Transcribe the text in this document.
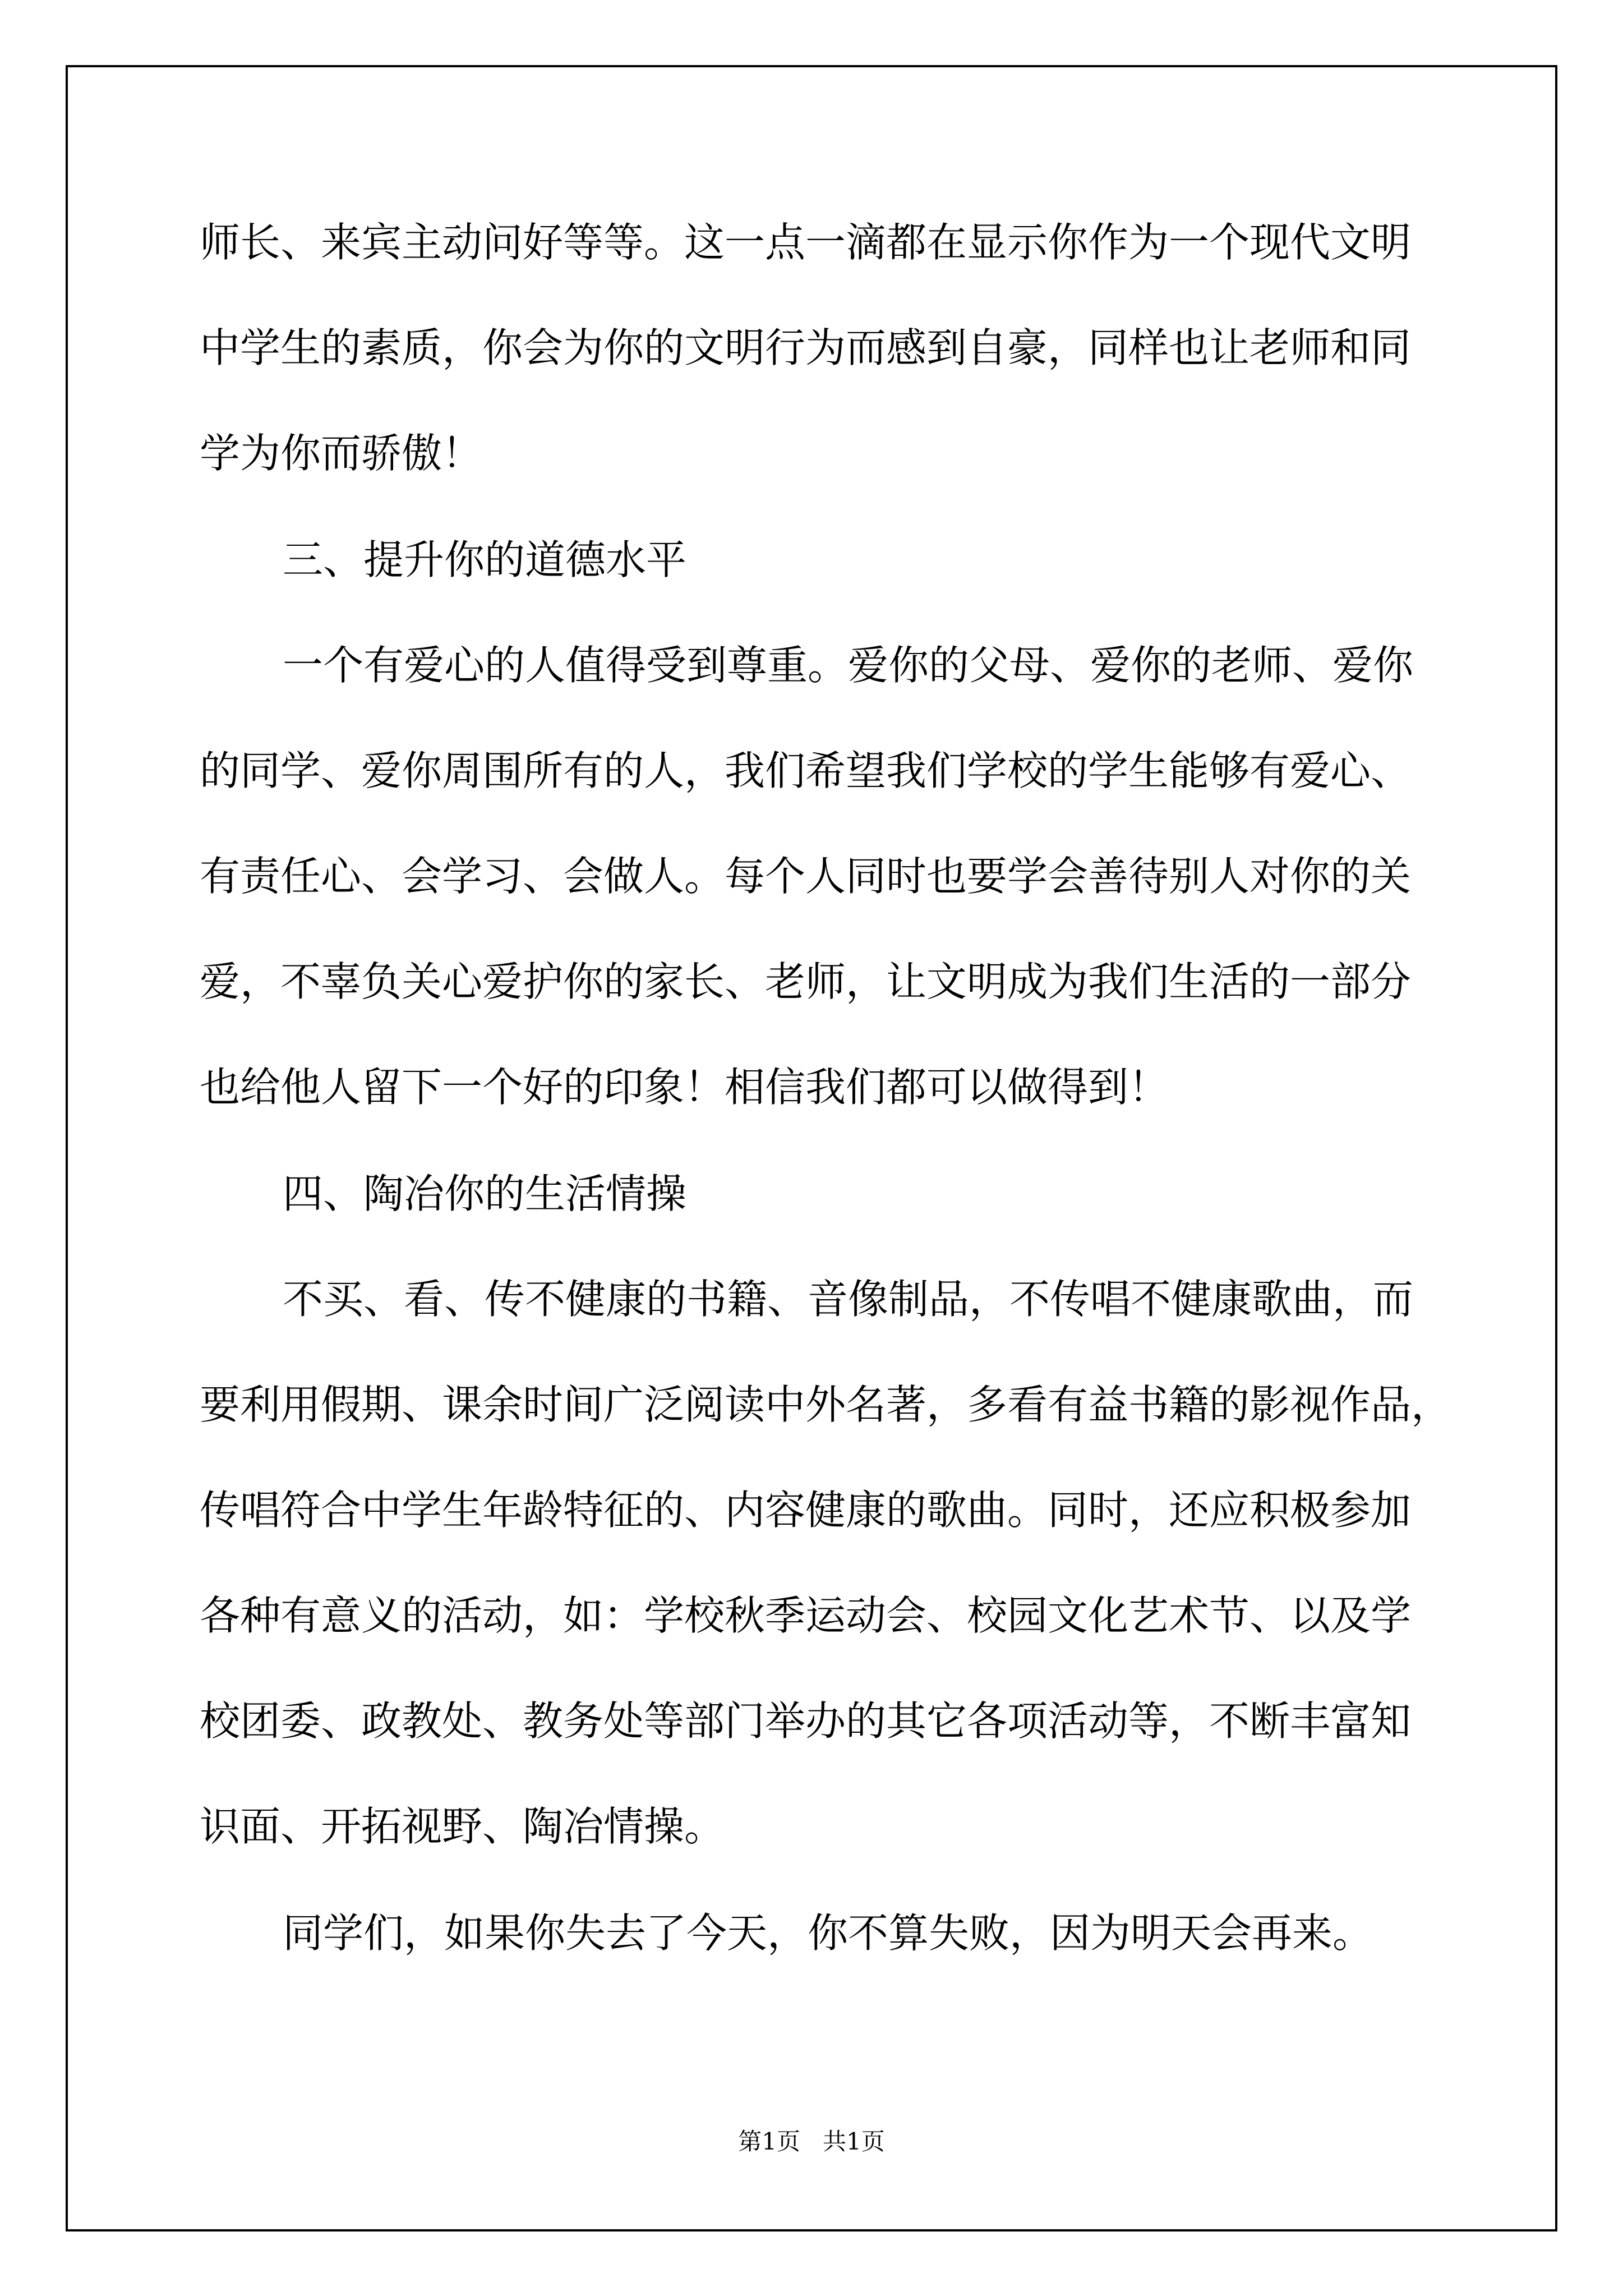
师长、来宾主动问好等等。这一点一滴都在显示你作为一个现代文明
中学生的素质，你会为你的文明行为而感到自豪，同样也让老师和同
学为你而骄傲！
三、提升你的道德水平
一个有爱心的人值得受到尊重。爱你的父母、爱你的老师、爱你
的同学、爱你周围所有的人，我们希望我们学校的学生能够有爱心、
有责任心、会学习、会做人。每个人同时也要学会善待别人对你的关
爱，不辜负关心爱护你的家长、老师，让文明成为我们生活的一部分
也给他人留下一个好的印象！相信我们都可以做得到！
四、陶冶你的生活情操
不买、看、传不健康的书籍、音像制品，不传唱不健康歌曲，而
要利用假期、课余时间广泛阅读中外名著，多看有益书籍的影视作品，
传唱符合中学生年龄特征的、内容健康的歌曲。同时，还应积极参加
各种有意义的活动，如：学校秋季运动会、校园文化艺术节、以及学
校团委、政教处、教务处等部门举办的其它各项活动等，不断丰富知
识面、开拓视野、陶冶情操。
同学们，如果你失去了今天，你不算失败，因为明天会再来。
第1页   共1页
